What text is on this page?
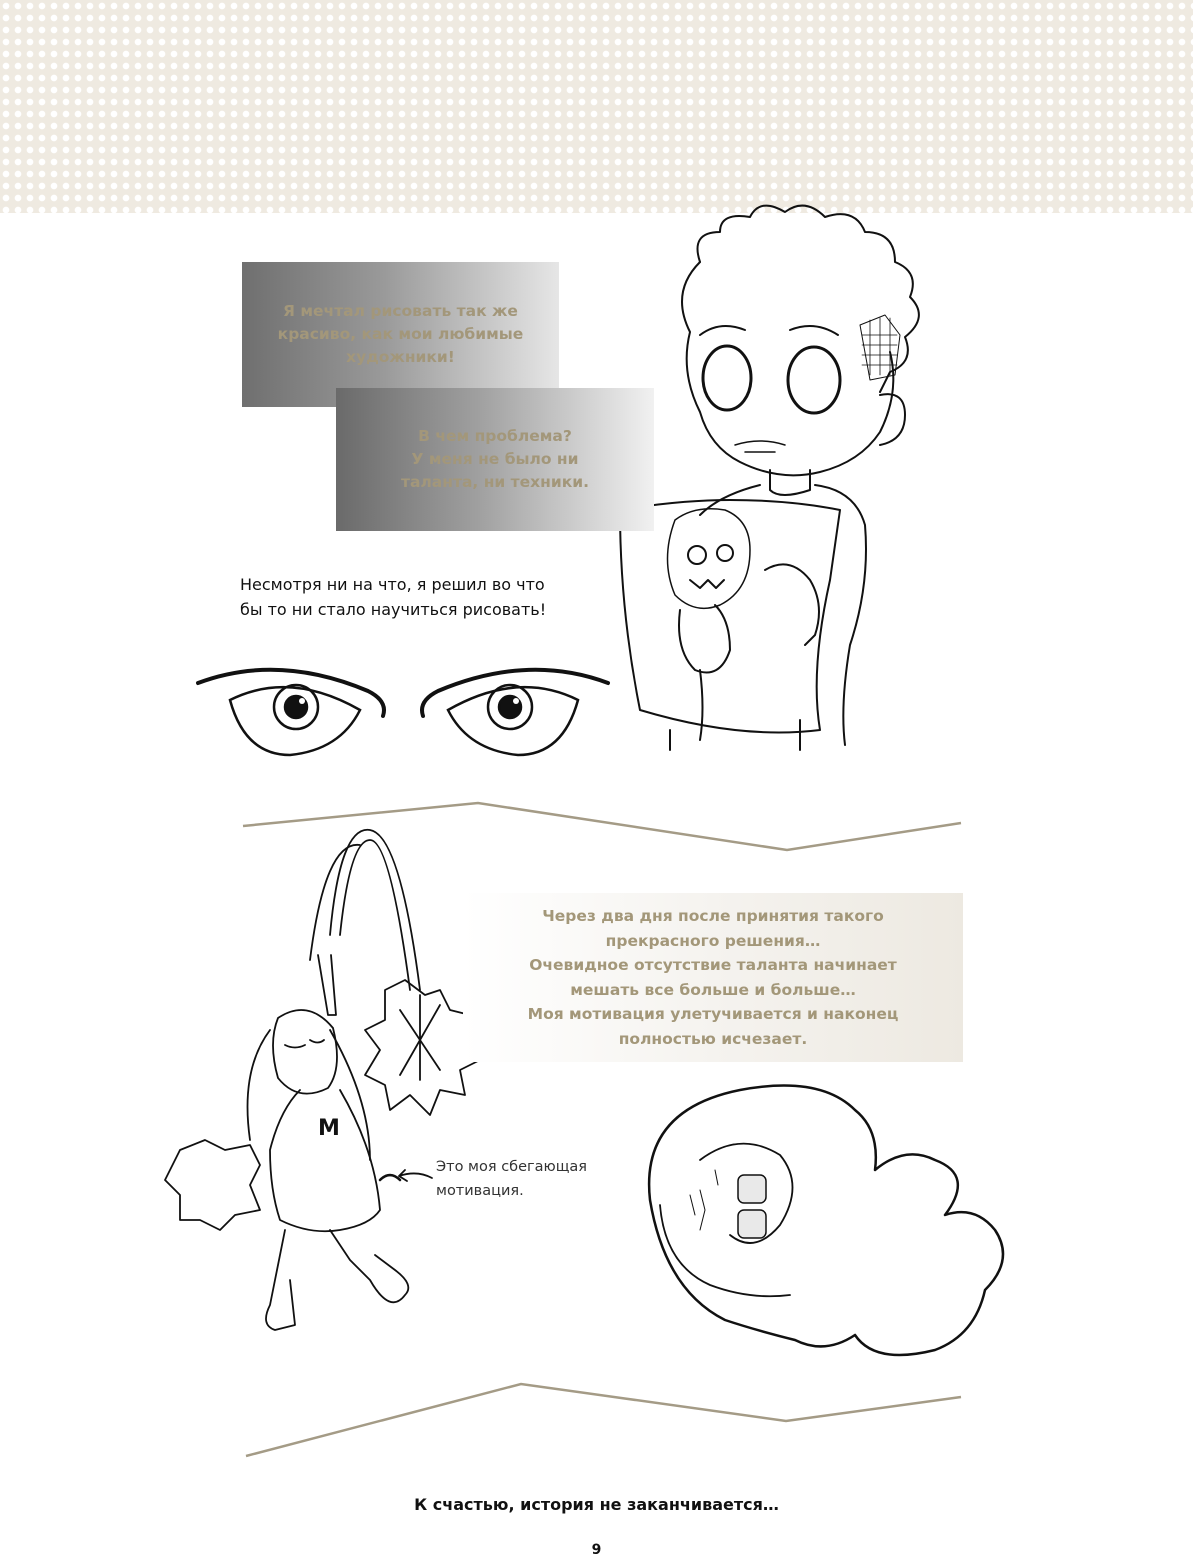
M
Я мечтал рисовать так же
красиво, как мои любимые
художники!
В чем проблема?
У меня не было ни
таланта, ни техники.
Через два дня после принятия такого
прекрасного решения…
Очевидное отсутствие таланта начинает
мешать все больше и больше…
Моя мотивация улетучивается и наконец
полностью исчезает.
Несмотря ни на что, я решил во что
бы то ни стало научиться рисовать!
Это моя сбегающая
мотивация.
К счастью, история не заканчивается…
9
